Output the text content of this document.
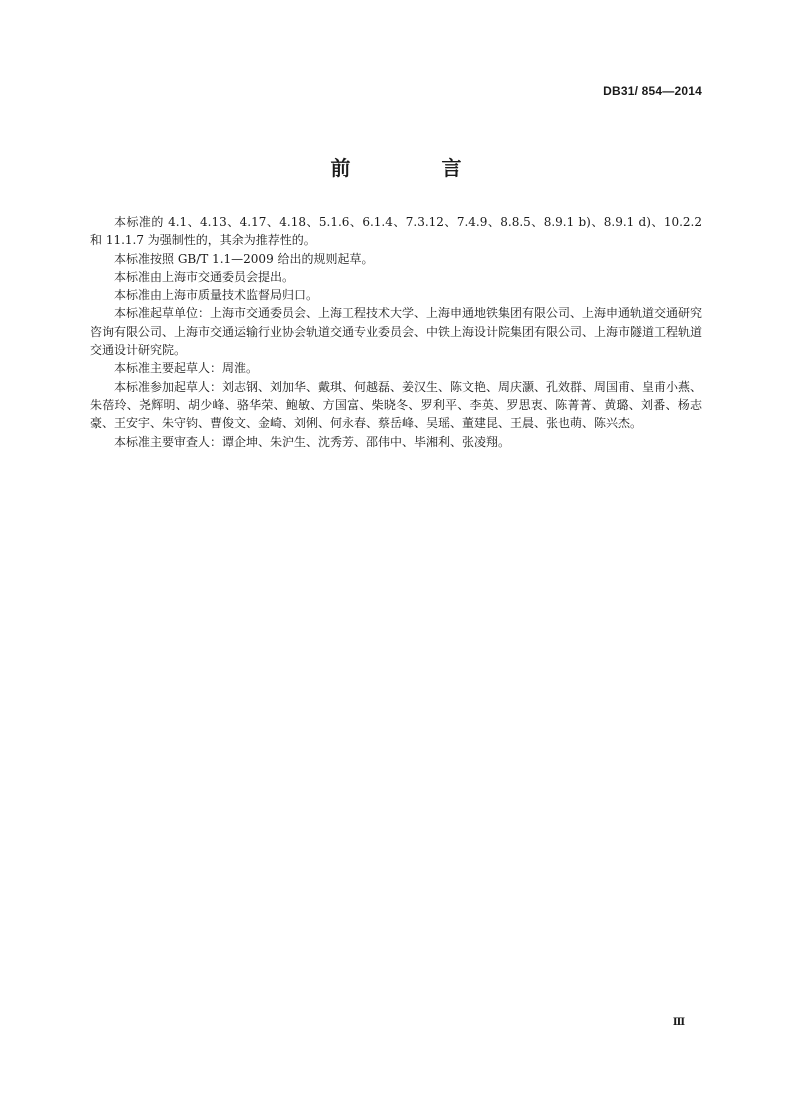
DB31/ 854—2014
前 言

本标准的 4.1、4.13、4.17、4.18、5.1.6、6.1.4、7.3.12、7.4.9、8.8.5、8.9.1 b)、8.9.1 d)、10.2.2 和 11.1.7 为强制性的，其余为推荐性的。

本标准按照 GB/T 1.1—2009 给出的规则起草。

本标准由上海市交通委员会提出。

本标准由上海市质量技术监督局归口。

本标准起草单位：上海市交通委员会、上海工程技术大学、上海申通地铁集团有限公司、上海申通轨道交通研究咨询有限公司、上海市交通运输行业协会轨道交通专业委员会、中铁上海设计院集团有限公司、上海市隧道工程轨道交通设计研究院。

本标准主要起草人：周淮。

本标准参加起草人：刘志钢、刘加华、戴琪、何越磊、姜汉生、陈文艳、周庆灏、孔效群、周国甫、皇甫小燕、朱蓓玲、尧辉明、胡少峰、骆华荣、鲍敏、方国富、柴晓冬、罗利平、李英、罗思衷、陈菁菁、黄璐、刘番、杨志豪、王安宇、朱守钧、曹俊文、金崎、刘俐、何永春、蔡岳峰、吴瑶、董建昆、王晨、张也萌、陈兴杰。

本标准主要审查人：谭企坤、朱沪生、沈秀芳、邵伟中、毕湘利、张凌翔。

Ⅲ
